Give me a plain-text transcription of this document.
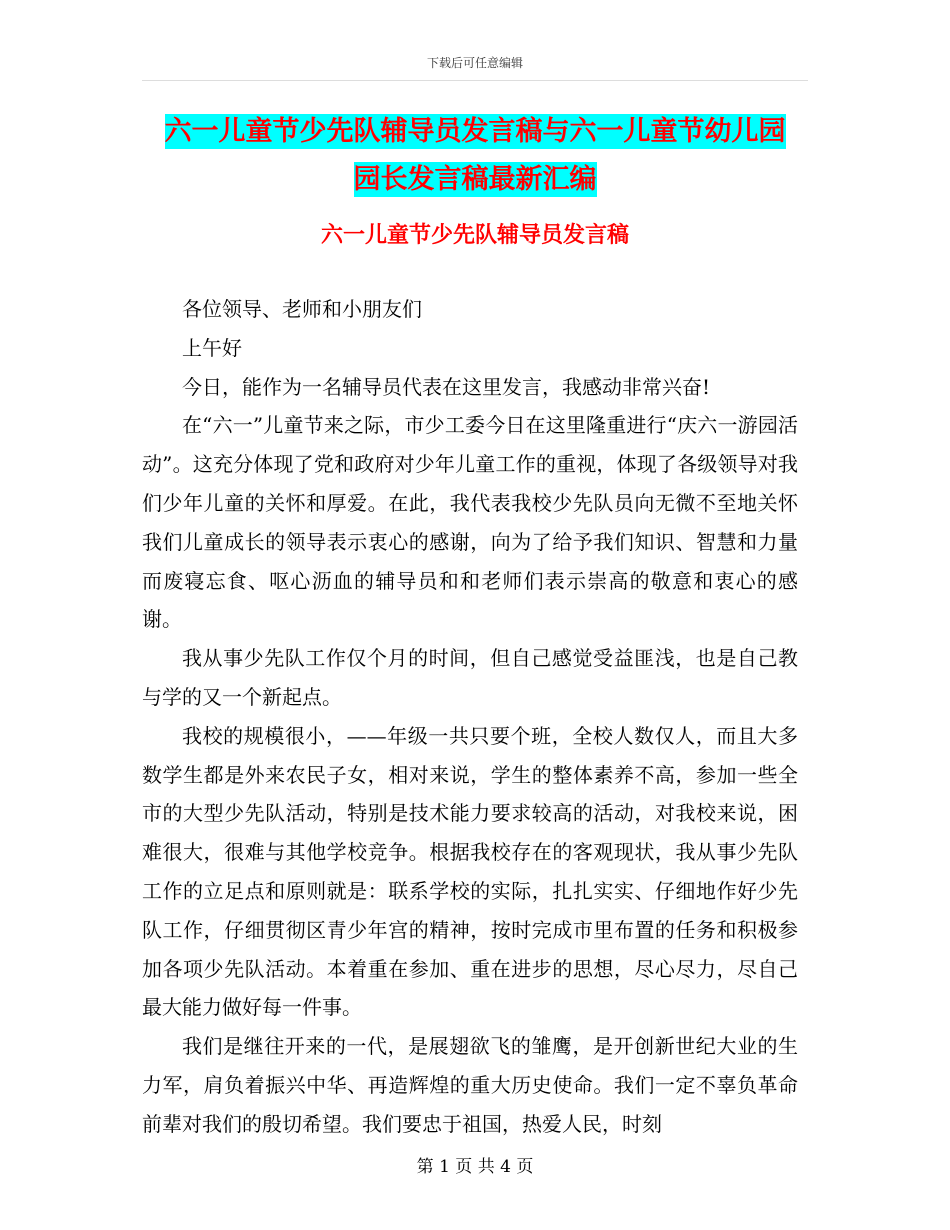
下载后可任意编辑
六一儿童节少先队辅导员发言稿与六一儿童节幼儿园
园长发言稿最新汇编
六一儿童节少先队辅导员发言稿

各位领导、老师和小朋友们

上午好

今日，能作为一名辅导员代表在这里发言，我感动非常兴奋!

在“六一”儿童节来之际，市少工委今日在这里隆重进行“庆六一游园活动”。这充分体现了党和政府对少年儿童工作的重视，体现了各级领导对我们少年儿童的关怀和厚爱。在此，我代表我校少先队员向无微不至地关怀我们儿童成长的领导表示衷心的感谢，向为了给予我们知识、智慧和力量而废寝忘食、呕心沥血的辅导员和和老师们表示崇高的敬意和衷心的感谢。

我从事少先队工作仅个月的时间，但自己感觉受益匪浅，也是自己教与学的又一个新起点。

我校的规模很小，——年级一共只要个班，全校人数仅人，而且大多数学生都是外来农民子女，相对来说，学生的整体素养不高，参加一些全市的大型少先队活动，特别是技术能力要求较高的活动，对我校来说，困难很大，很难与其他学校竞争。根据我校存在的客观现状，我从事少先队工作的立足点和原则就是：联系学校的实际，扎扎实实、仔细地作好少先队工作，仔细贯彻区青少年宫的精神，按时完成市里布置的任务和积极参加各项少先队活动。本着重在参加、重在进步的思想，尽心尽力，尽自己最大能力做好每一件事。

我们是继往开来的一代，是展翅欲飞的雏鹰，是开创新世纪大业的生力军，肩负着振兴中华、再造辉煌的重大历史使命。我们一定不辜负革命前辈对我们的殷切希望。我们要忠于祖国，热爱人民，时刻

第 1 页 共 4 页
